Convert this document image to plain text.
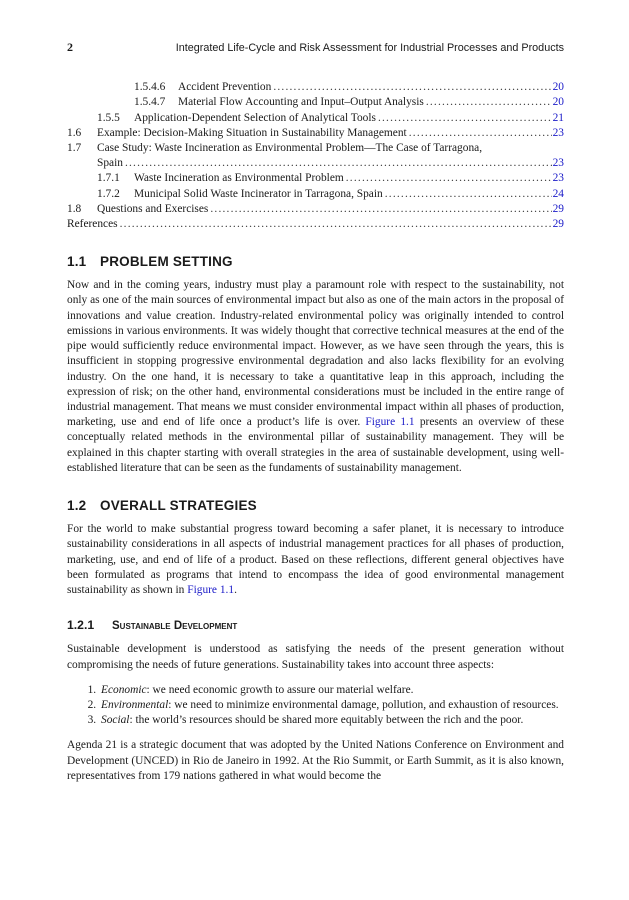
2	Integrated Life-Cycle and Risk Assessment for Industrial Processes and Products
1.5.4.6	Accident Prevention .....	20
1.5.4.7	Material Flow Accounting and Input–Output Analysis .....	20
1.5.5	Application-Dependent Selection of Analytical Tools .....	21
1.6	Example: Decision-Making Situation in Sustainability Management .....	23
1.7	Case Study: Waste Incineration as Environmental Problem—The Case of Tarragona,
Spain .....	23
1.7.1	Waste Incineration as Environmental Problem .....	23
1.7.2	Municipal Solid Waste Incinerator in Tarragona, Spain .....	24
1.8	Questions and Exercises .....	29
References .....	29
1.1 PROBLEM SETTING

Now and in the coming years, industry must play a paramount role with respect to the sustainability, not only as one of the main sources of environmental impact but also as one of the main actors in the proposal of innovations and value creation. Industry-related environmental policy was originally intended to control emissions in various environments. It was widely thought that corrective technical measures at the end of the pipe would sufficiently reduce environmental impact. However, as we have seen through the years, this is insufficient in stopping progressive environmental degradation and also lacks flexibility for an evolving industry. On the one hand, it is necessary to take a quantitative leap in this approach, including the expression of risk; on the other hand, environmental considerations must be included in the entire range of industrial management. That means we must consider environmental impact within all phases of production, marketing, use and end of life once a product’s life is over. Figure 1.1 presents an overview of these conceptually related methods in the environmental pillar of sustainability management. They will be explained in this chapter starting with overall strategies in the area of sustainable development, using well-established literature that can be seen as the fundaments of sustainability management.

1.2 OVERALL STRATEGIES

For the world to make substantial progress toward becoming a safer planet, it is necessary to introduce sustainability considerations in all aspects of industrial management practices for all phases of production, marketing, use, and end of life of a product. Based on these reflections, different general objectives have been formulated as programs that intend to encompass the idea of good environmental management sustainability as shown in Figure 1.1.

1.2.1 Sustainable Development

Sustainable development is understood as satisfying the needs of the present generation without compromising the needs of future generations. Sustainability takes into account three aspects:

1. Economic: we need economic growth to assure our material welfare.
2. Environmental: we need to minimize environmental damage, pollution, and exhaustion of resources.
3. Social: the world’s resources should be shared more equitably between the rich and the poor.

Agenda 21 is a strategic document that was adopted by the United Nations Conference on Environment and Development (UNCED) in Rio de Janeiro in 1992. At the Rio Summit, or Earth Summit, as it is also known, representatives from 179 nations gathered in what would become the
